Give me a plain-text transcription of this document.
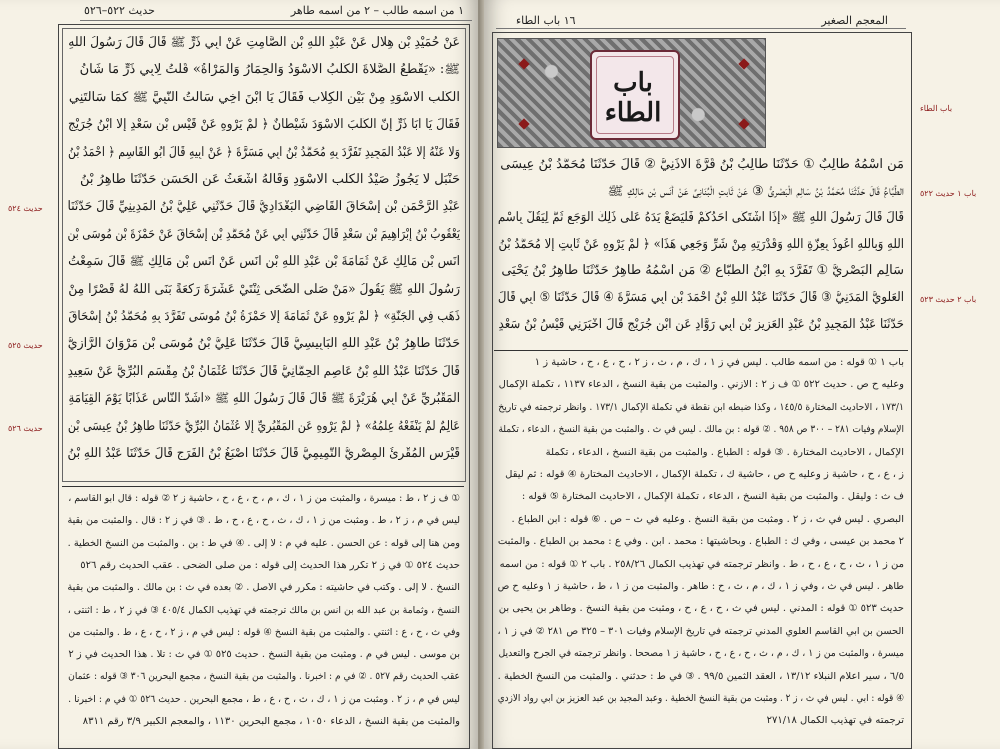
١ من اسمه طالب – ٢ من اسمه طاهر
حديث ٥٢٢–٥٢٦
عَنْ حُمَيْدِ بْنِ هِلَالٍ عَنْ عَبْدِ اللهِ بْنِ الصَّامِتِ عَنْ أَبِي ذَرٍّ ﷺ قَالَ قَالَ رَسُولُ اللهِ
ﷺ: «يَقْطَعُ الصَّلَاةَ الْكَلْبُ الْأَسْوَدُ وَالْحِمَارُ وَالْمَرْأَةُ» قُلْتُ لِأَبِي ذَرٍّ مَا شَأْنُ
الْكَلْبِ الْأَسْوَدِ مِنْ بَيْنِ الْكِلَابِ فَقَالَ يَا ابْنَ أَخِي سَأَلْتُ النَّبِيَّ ﷺ كَمَا سَأَلْتَنِي
فَقَالَ يَا أَبَا ذَرٍّ إِنَّ الْكَلْبَ الْأَسْوَدَ شَيْطَانٌ ﴿ لَمْ يَرْوِهِ عَنْ قَيْسِ بْنِ سَعْدٍ إِلَّا ابْنُ جُرَيْجٍ
وَلَا عَنْهُ إِلَّا عَبْدُ الْمَجِيدِ تَفَرَّدَ بِهِ مُحَمَّدُ بْنُ أَبِي مَسَرَّةَ ﴿ عَنْ أَبِيهِ قَالَ أَبُو الْقَاسِمِ ﴿ أَحْمَدُ بْنُ
حَنْبَلٍ لَا يَجُوزُ صَيْدُ الْكَلْبِ الْأَسْوَدِ وَقَالَهُ أَشْعَثُ عَنِ الْحَسَنِ حَدَّثَنَا طَاهِرُ بْنُ
عَبْدِ الرَّحْمَنِ بْنِ إِسْحَاقَ الْقَاضِي الْبَغْدَادِيُّ قَالَ حَدَّثَنِي عَلِيُّ بْنُ الْمَدِينِيِّ قَالَ حَدَّثَنَا
يَعْقُوبُ بْنُ إِبْرَاهِيمَ بْنِ سَعْدٍ قَالَ حَدَّثَنِي أَبِي عَنْ مُحَمَّدِ بْنِ إِسْحَاقَ عَنْ حَمْزَةَ بْنِ مُوسَى بْنِ
أَنَسِ بْنِ مَالِكٍ عَنْ ثُمَامَةَ بْنِ عَبْدِ اللهِ بْنِ أَنَسٍ عَنْ أَنَسِ بْنِ مَالِكٍ ﷺ قَالَ سَمِعْتُ
رَسُولَ اللهِ ﷺ يَقُولُ «مَنْ صَلَّى الضُّحَى ثِنْتَيْ عَشْرَةَ رَكْعَةً بَنَى اللهُ لَهُ قَصْرًا مِنْ
ذَهَبٍ فِي الْجَنَّةِ» ﴿ لَمْ يَرْوِهِ عَنْ ثُمَامَةَ إِلَّا حَمْزَةُ بْنُ مُوسَى تَفَرَّدَ بِهِ مُحَمَّدُ بْنُ إِسْحَاقَ
حَدَّثَنَا طَاهِرُ بْنُ عَبْدِ اللهِ الْبَابِيسِيُّ قَالَ حَدَّثَنَا عَلِيُّ بْنُ مُوسَى بْنِ مَرْوَانَ الرَّازِيُّ
قَالَ حَدَّثَنَا عَبْدُ اللهِ بْنُ عَاصِمٍ الْحِمَّانِيُّ قَالَ حَدَّثَنَا عُثْمَانُ بْنُ مِقْسَمٍ الْبُرِّيُّ عَنْ سَعِيدٍ
الْمَقْبُرِيِّ عَنْ أَبِي هُرَيْرَةَ ﷺ قَالَ قَالَ رَسُولُ اللهِ ﷺ «أَشَدُّ النَّاسِ عَذَابًا يَوْمَ الْقِيَامَةِ
عَالِمٌ لَمْ يَنْفَعْهُ عِلْمُهُ» ﴿ لَمْ يَرْوِهِ عَنِ الْمَقْبُرِيِّ إِلَّا عُثْمَانُ الْبُرِّيُّ حَدَّثَنَا طَاهِرُ بْنُ عِيسَى بْنِ
قَيْرَسٍ الْمُقْرِئُ الْمِصْرِيُّ التَّمِيمِيُّ قَالَ حَدَّثَنَا أَصْبَغُ بْنُ الْفَرَجِ قَالَ حَدَّثَنَا عَبْدُ اللهِ بْنُ
① ف ز ٢ ، ط : ميسرة ، والمثبت من ز ١ ، ك ، م ، ح ، ع ، ح ، حاشية ز ٢ ② قوله : قال أبو القاسم ،
ليس في م ، ز ٢ ، ط . ومثبت من ز ١ ، ك ، ث ، ح ، ع ، ح ، ط . ③ في ز ٢ : قال . والمثبت من بقية
ومن هنا إلى قوله : عن الحسن . عليه في م : لا إلى . ④ في ط : بن . والمثبت من النسخ الخطية .
حديث ٥٢٤ ① في ز ٢ تكرر هذا الحديث إلى قوله : من صلى الضحى . عقب الحديث رقم ٥٢٦
النسخ . لا إلى . وكتب في حاشيته : مكرر في الأصل . ② بعده في ث : بن مالك . والمثبت من بقية
النسخ ، وثمامة بن عبد الله بن أنس بن مالك ترجمته في تهذيب الكمال ٤٠٥/٤ ③ في ز ٢ ، ط : اثنتى ،
وفي ث ، ح ، ع : اثنتي . والمثبت من بقية النسخ ④ قوله : ليس في م ، ز ٢ ، ح ، ع ، ط . والمثبت من
بن موسى . ليس في م . ومثبت من بقية النسخ . حديث ٥٢٥ ① في ث : تلا . هذا الحديث في ز ٢
عقب الحديث رقم ٥٢٧ . ② في م : أخبرنا . والمثبت من بقية النسخ ، مجمع البحرين ٣٠٦ ③ قوله : عثمان
ليس في م ، ز ٢ . ومثبت من ز ١ ، ك ، ث ، ح ، ع ، ط ، مجمع البحرين . حديث ٥٢٦ ① في م : أخبرنا .
والمثبت من بقية النسخ ، الدعاء ١٠٥٠ ، مجمع البحرين ١١٣٠ ، والمعجم الكبير ٣/٩ رقم ٨٣١١
حديث ٥٢٤
حديث ٥٢٥
حديث ٥٢٦
المعجم الصغير
١٦ باب الطاء
مَنِ اسْمُهُ طَالِبٌ ① حَدَّثَنَا طَالِبُ بْنُ قُرَّةَ الْأَذَنِيُّ ② قَالَ حَدَّثَنَا مُحَمَّدُ بْنُ عِيسَى
الطَّبَّاعُ قَالَ حَدَّثَنَا مُحَمَّدُ بْنُ سَالِمٍ الْبَصْرِيُّ ③ عَنْ ثَابِتٍ الْبُنَانِيِّ عَنْ أَنَسِ بْنِ مَالِكٍ ﷺ
قَالَ قَالَ رَسُولُ اللهِ ﷺ «إِذَا اشْتَكَى أَحَدُكُمْ فَلْيَضَعْ يَدَهُ عَلَى ذَلِكَ الْوَجَعِ ثُمَّ لِيَقُلْ بِاسْمِ
اللهِ وَبِاللهِ أَعُوذُ بِعِزَّةِ اللهِ وَقُدْرَتِهِ مِنْ شَرِّ وَجَعِي هَذَا» ﴿ لَمْ يَرْوِهِ عَنْ ثَابِتٍ إِلَّا مُحَمَّدُ بْنُ
سَالِمٍ الْبَصْرِيُّ ① تَفَرَّدَ بِهِ ابْنُ الطَّبَّاعِ ② مَنِ اسْمُهُ طَاهِرٌ حَدَّثَنَا طَاهِرُ بْنُ يَحْيَى
الْعَلَوِيُّ الْمَدَنِيُّ ③ قَالَ حَدَّثَنَا عَبْدُ اللهِ بْنُ أَحْمَدَ بْنِ أَبِي مَسَرَّةَ ④ قَالَ حَدَّثَنَا ⑤ أَبِي قَالَ
حَدَّثَنَا عَبْدُ الْمَجِيدِ بْنُ عَبْدِ الْعَزِيزِ بْنِ أَبِي رَوَّادٍ عَنِ ابْنِ جُرَيْجٍ قَالَ أَخْبَرَنِي قَيْسُ بْنُ سَعْدٍ
باب ١ ① قوله : من اسمه طالب . ليس في ز ١ ، ك ، م ، ث ، ز ٢ ، ح ، ع ، ح ، حاشية ز ١
وعليه ح ص . حديث ٥٢٢ ① ف ز ٢ : الأزني . والمثبت من بقية النسخ ، الدعاء ١١٣٧ ، تكملة الإكمال
١٧٣/١ ، الأحاديث المختارة ١٤٥/٥ ، وكذا ضبطه ابن نقطة في تكملة الإكمال ١٧٣/١ . وانظر ترجمته في تاريخ
الإسلام وفيات ٢٨١ – ٣٠٠ ص ٩٥٨ . ② قوله : بن مالك . ليس في ث . والمثبت من بقية النسخ ، الدعاء ، تكملة
الإكمال ، الأحاديث المختارة . ③ قوله : الطباع . والمثبت من بقية النسخ ، الدعاء ، تكملة
ز ، ع ، ح ، حاشية ز وعليه ح ص ، حاشية ك ، تكملة الإكمال ، الأحاديث المختارة ④ قوله : ثم ليقل
ف ث : وليقل . والمثبت من بقية النسخ ، الدعاء ، تكملة الإكمال ، الأحاديث المختارة ⑤ قوله :
البصري . ليس في ث ، ز ٢ . ومثبت من بقية النسخ . وعليه في ث – ص . ⑥ قوله : ابن الطباع .
٢ محمد بن عيسى ، وفي ك : الطباع . وبحاشيتها : محمد . ابن . وفي ع : محمد بن الطباع . والمثبت
من ز ١ ، ث ، ح ، ع ، ح ، ط . وانظر ترجمته في تهذيب الكمال ٢٥٨/٢٦ . باب ٢ ① قوله : من اسمه
طاهر . ليس في ث ، وفي ز ١ ، ك ، م ، ث ، ح : طاهر . والمثبت من ز ١ ، ط ، حاشية ز ١ وعليه ح ص
حديث ٥٢٣ ① قوله : المدني . ليس في ث ، ح ، ع ، ح ، ومثبت من بقية النسخ . وطاهر بن يحيى بن
الحسن بن أبي القاسم العلوي المدني ترجمته في تاريخ الإسلام وفيات ٣٠١ – ٣٢٥ ص ٢٨١ ② في ز ١ ،
ميسرة ، والمثبت من ز ١ ، ك ، م ، ث ، ح ، ع ، ح ، حاشية ز ١ مصححا . وانظر ترجمته في الجرح والتعديل
٦/٥ ، سير أعلام النبلاء ١٣/١٢ ، العقد الثمين ٩٩/٥ . ③ في ط : حدثني . والمثبت من النسخ الخطية .
④ قوله : أبي . ليس في ث ، ز ٢ . ومثبت من بقية النسخ الخطية . وعبد المجيد بن عبد العزيز بن أبي رواد الأزدي
ترجمته في تهذيب الكمال ٢٧١/١٨
باب الطاء
باب ١ حديث ٥٢٢
باب ٢ حديث ٥٢٣
باب الطاء
